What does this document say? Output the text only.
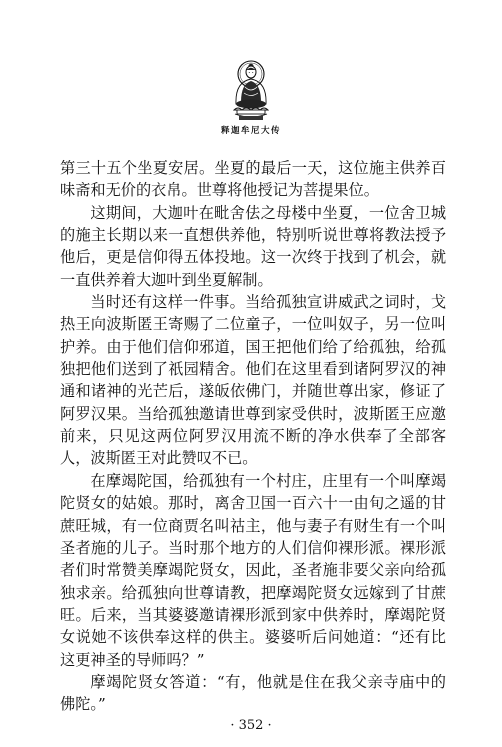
释迦牟尼大传

第三十五个坐夏安居。坐夏的最后一天，这位施主供养百味斋和无价的衣帛。世尊将他授记为菩提果位。

这期间，大迦叶在毗舍佉之母楼中坐夏，一位舍卫城的施主长期以来一直想供养他，特别听说世尊将教法授予他后，更是信仰得五体投地。这一次终于找到了机会，就一直供养着大迦叶到坐夏解制。

当时还有这样一件事。当给孤独宣讲威武之词时，戈热王向波斯匿王寄赐了二位童子，一位叫奴子，另一位叫护养。由于他们信仰邪道，国王把他们给了给孤独，给孤独把他们送到了祇园精舍。他们在这里看到诸阿罗汉的神通和诸神的光芒后，遂皈依佛门，并随世尊出家，修证了阿罗汉果。当给孤独邀请世尊到家受供时，波斯匿王应邀前来，只见这两位阿罗汉用流不断的净水供奉了全部客人，波斯匿王对此赞叹不已。

在摩竭陀国，给孤独有一个村庄，庄里有一个叫摩竭陀贤女的姑娘。那时，离舍卫国一百六十一由旬之遥的甘蔗旺城，有一位商贾名叫祜主，他与妻子有财生有一个叫圣者施的儿子。当时那个地方的人们信仰裸形派。裸形派者们时常赞美摩竭陀贤女，因此，圣者施非要父亲向给孤独求亲。给孤独向世尊请教，把摩竭陀贤女远嫁到了甘蔗旺。后来，当其婆婆邀请裸形派到家中供养时，摩竭陀贤女说她不该供奉这样的供主。婆婆听后问她道：“还有比这更神圣的导师吗？”

摩竭陀贤女答道：“有，他就是住在我父亲寺庙中的佛陀。”

· 352 ·
